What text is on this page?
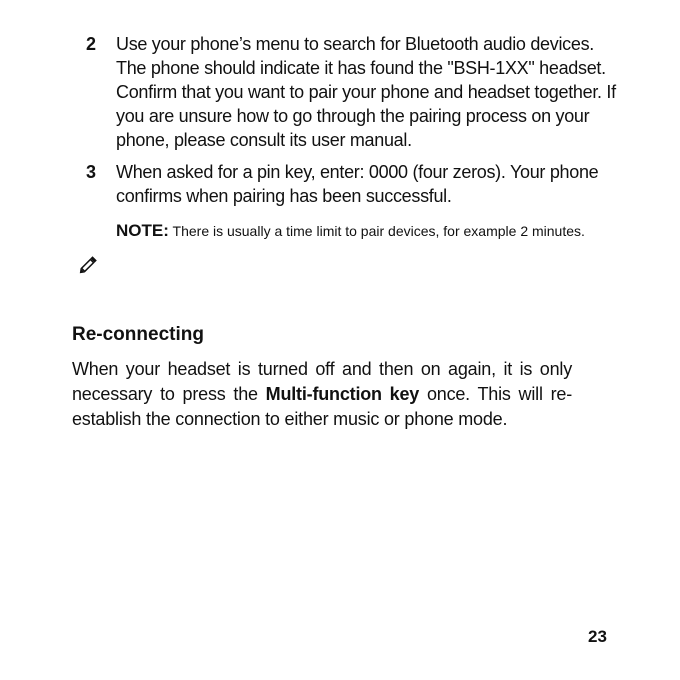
2 Use your phone’s menu to search for Bluetooth audio devices. The phone should indicate it has found the "BSH-1XX" headset. Confirm that you want to pair your phone and headset together. If you are unsure how to go through the pairing process on your phone, please consult its user manual.
3 When asked for a pin key, enter: 0000 (four zeros). Your phone confirms when pairing has been successful.
NOTE: There is usually a time limit to pair devices, for example 2 minutes.
Re-connecting

When your headset is turned off and then on again, it is only necessary to press the Multi-function key once. This will re-establish the connection to either music or phone mode.

23
